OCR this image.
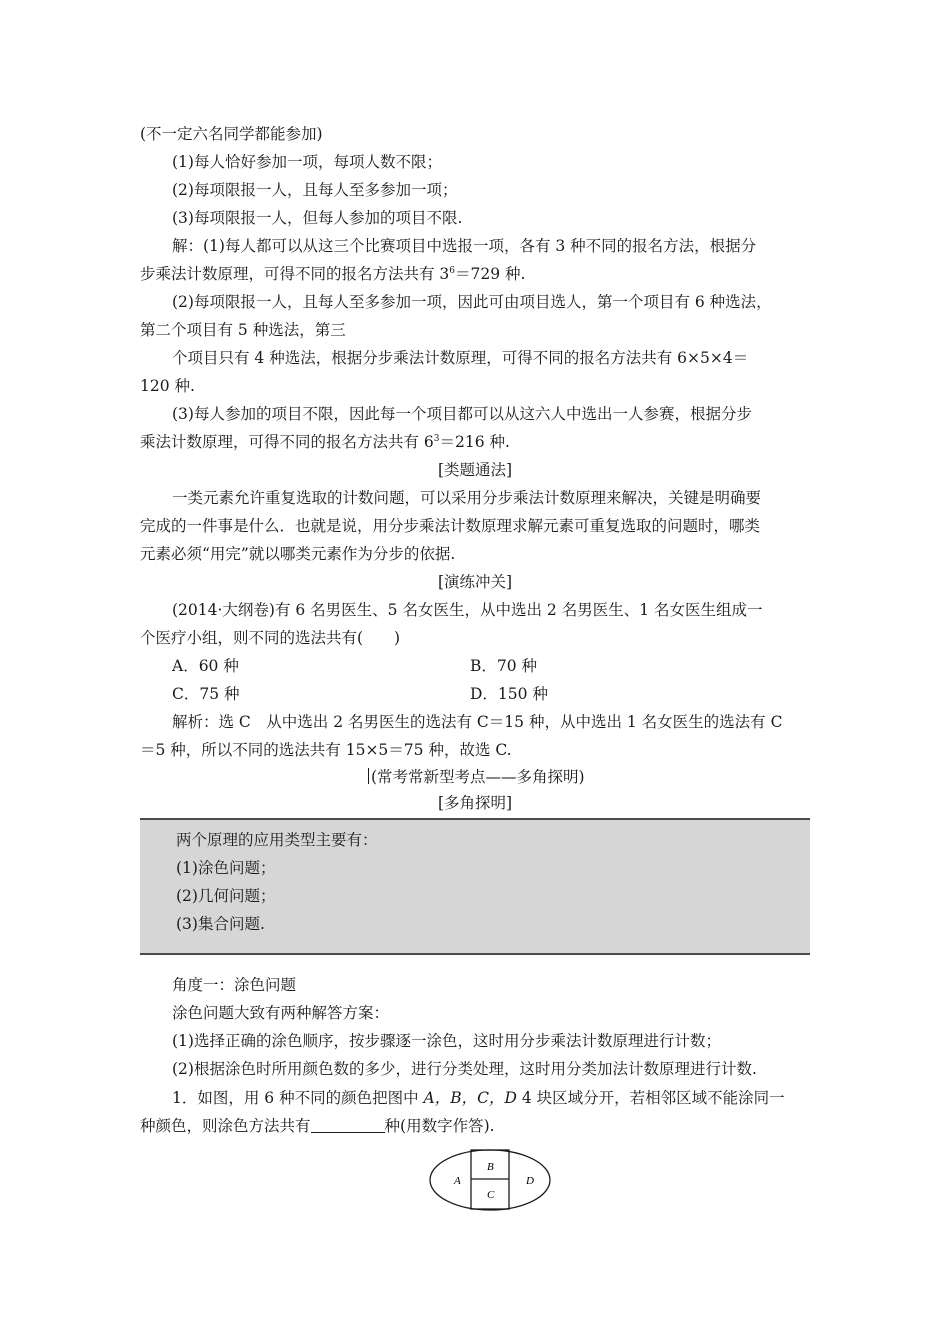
(不一定六名同学都能参加)
(1)每人恰好参加一项，每项人数不限；
(2)每项限报一人，且每人至多参加一项；
(3)每项限报一人，但每人参加的项目不限.
解：(1)每人都可以从这三个比赛项目中选报一项，各有 3 种不同的报名方法，根据分
步乘法计数原理，可得不同的报名方法共有 $3^6=729$ 种.
(2)每项限报一人，且每人至多参加一项，因此可由项目选人，第一个项目有 6 种选法，
第二个项目有 5 种选法，第三
个项目只有 4 种选法，根据分步乘法计数原理，可得不同的报名方法共有 6×5×4＝
120 种.
(3)每人参加的项目不限，因此每一个项目都可以从这六人中选出一人参赛，根据分步
乘法计数原理，可得不同的报名方法共有 $6^3=216$ 种.
[类题通法]
一类元素允许重复选取的计数问题，可以采用分步乘法计数原理来解决，关键是明确要
完成的一件事是什么．也就是说，用分步乘法计数原理求解元素可重复选取的问题时，哪类
元素必须“用完”就以哪类元素作为分步的依据.
[演练冲关]
(2014·大纲卷)有 6 名男医生、5 名女医生，从中选出 2 名男医生、1 名女医生组成一
个医疗小组，则不同的选法共有(　　)
A．60 种	B．70 种
C．75 种	D．150 种
解析：选 C　从中选出 2 名男医生的选法有 C＝15 种，从中选出 1 名女医生的选法有 C
＝5 种，所以不同的选法共有 15×5＝75 种，故选 C.
(常考常新型考点——多角探明)
[多角探明]
两个原理的应用类型主要有：
(1)涂色问题；
(2)几何问题；
(3)集合问题.
角度一：涂色问题
涂色问题大致有两种解答方案：
(1)选择正确的涂色顺序，按步骤逐一涂色，这时用分步乘法计数原理进行计数；
(2)根据涂色时所用颜色数的多少，进行分类处理，这时用分类加法计数原理进行计数.
1．如图，用 6 种不同的颜色把图中 A，B，C，D 4 块区域分开，若相邻区域不能涂同一
种颜色，则涂色方法共有	种(用数字作答).
A
B
C
D
